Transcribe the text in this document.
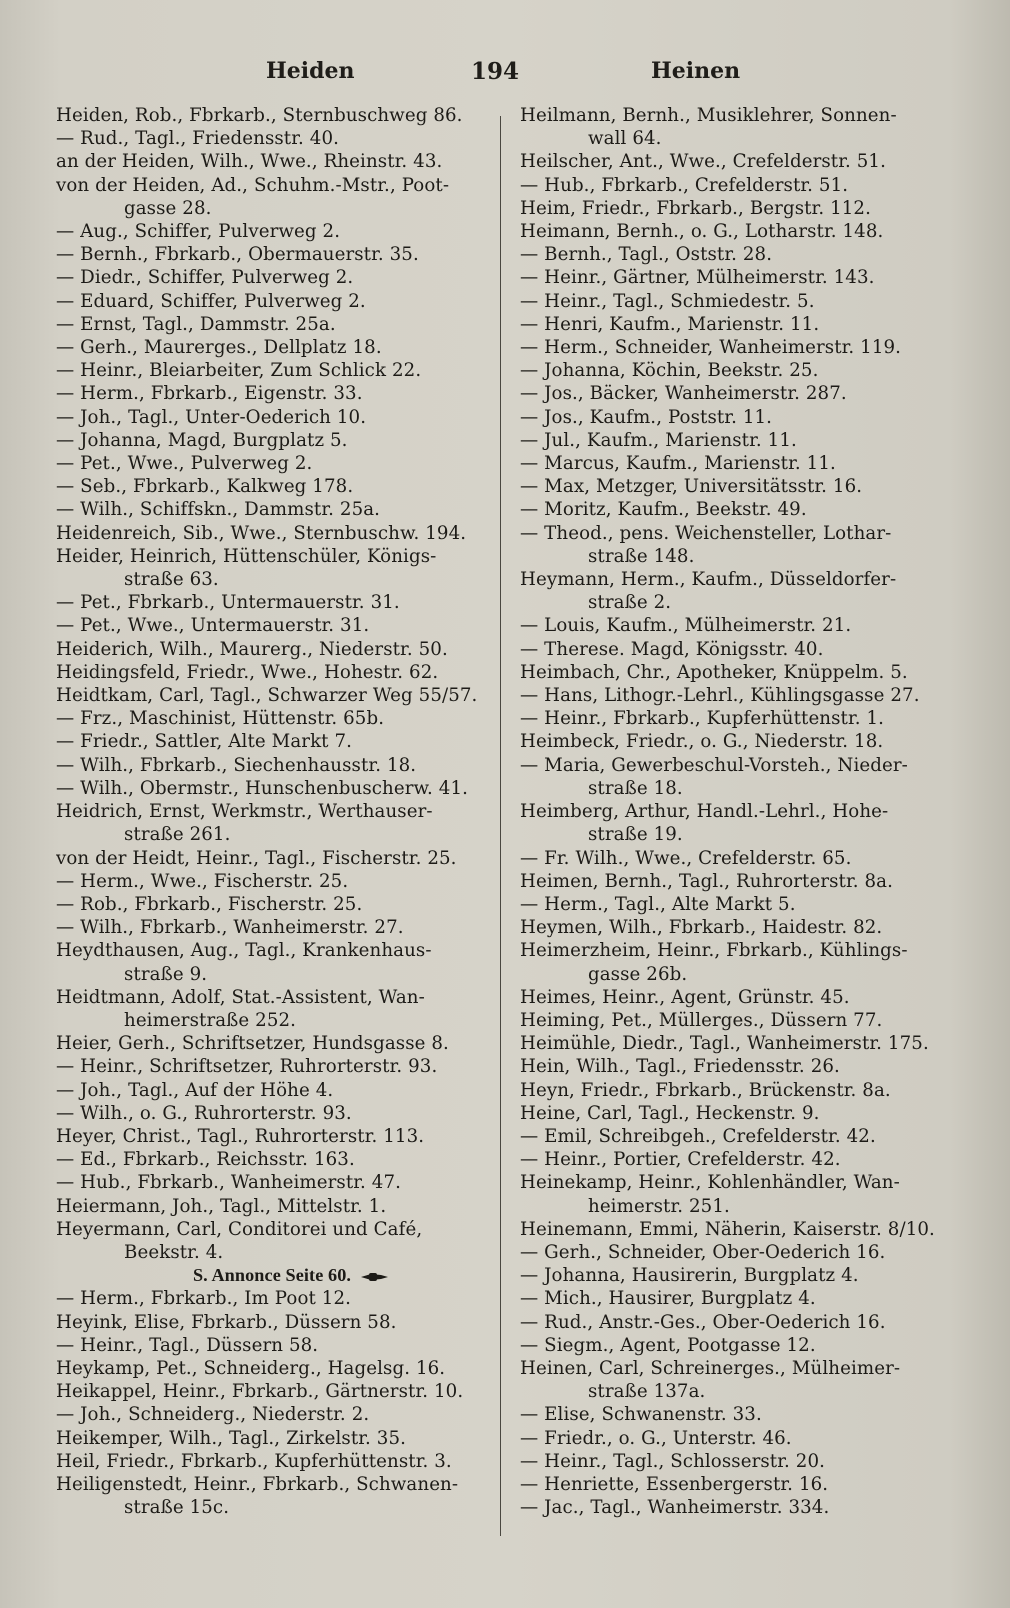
Heiden	194	Heinen

Heiden, Rob., Fbrkarb., Sternbuschweg 86.

— Rud., Tagl., Friedensstr. 40.

an der Heiden, Wilh., Wwe., Rheinstr. 43.

von der Heiden, Ad., Schuhm.-Mstr., Poot-

gasse 28.

— Aug., Schiffer, Pulverweg 2.

— Bernh., Fbrkarb., Obermauerstr. 35.

— Diedr., Schiffer, Pulverweg 2.

— Eduard, Schiffer, Pulverweg 2.

— Ernst, Tagl., Dammstr. 25a.

— Gerh., Maurerges., Dellplatz 18.

— Heinr., Bleiarbeiter, Zum Schlick 22.

— Herm., Fbrkarb., Eigenstr. 33.

— Joh., Tagl., Unter-Oederich 10.

— Johanna, Magd, Burgplatz 5.

— Pet., Wwe., Pulverweg 2.

— Seb., Fbrkarb., Kalkweg 178.

— Wilh., Schiffskn., Dammstr. 25a.

Heidenreich, Sib., Wwe., Sternbuschw. 194.

Heider, Heinrich, Hüttenschüler, Königs-

straße 63.

— Pet., Fbrkarb., Untermauerstr. 31.

— Pet., Wwe., Untermauerstr. 31.

Heiderich, Wilh., Maurerg., Niederstr. 50.

Heidingsfeld, Friedr., Wwe., Hohestr. 62.

Heidtkam, Carl, Tagl., Schwarzer Weg 55/57.

— Frz., Maschinist, Hüttenstr. 65b.

— Friedr., Sattler, Alte Markt 7.

— Wilh., Fbrkarb., Siechenhausstr. 18.

— Wilh., Obermstr., Hunschenbuscherw. 41.

Heidrich, Ernst, Werkmstr., Werthauser-

straße 261.

von der Heidt, Heinr., Tagl., Fischerstr. 25.

— Herm., Wwe., Fischerstr. 25.

— Rob., Fbrkarb., Fischerstr. 25.

— Wilh., Fbrkarb., Wanheimerstr. 27.

Heydthausen, Aug., Tagl., Krankenhaus-

straße 9.

Heidtmann, Adolf, Stat.-Assistent, Wan-

heimerstraße 252.

Heier, Gerh., Schriftsetzer, Hundsgasse 8.

— Heinr., Schriftsetzer, Ruhrorterstr. 93.

— Joh., Tagl., Auf der Höhe 4.

— Wilh., o. G., Ruhrorterstr. 93.

Heyer, Christ., Tagl., Ruhrorterstr. 113.

— Ed., Fbrkarb., Reichsstr. 163.

— Hub., Fbrkarb., Wanheimerstr. 47.

Heiermann, Joh., Tagl., Mittelstr. 1.

Heyermann, Carl, Conditorei und Café,

Beekstr. 4.

S. Annonce Seite 60.

— Herm., Fbrkarb., Im Poot 12.

Heyink, Elise, Fbrkarb., Düssern 58.

— Heinr., Tagl., Düssern 58.

Heykamp, Pet., Schneiderg., Hagelsg. 16.

Heikappel, Heinr., Fbrkarb., Gärtnerstr. 10.

— Joh., Schneiderg., Niederstr. 2.

Heikemper, Wilh., Tagl., Zirkelstr. 35.

Heil, Friedr., Fbrkarb., Kupferhüttenstr. 3.

Heiligenstedt, Heinr., Fbrkarb., Schwanen-

straße 15c.

Heilmann, Bernh., Musiklehrer, Sonnen-

wall 64.

Heilscher, Ant., Wwe., Crefelderstr. 51.

— Hub., Fbrkarb., Crefelderstr. 51.

Heim, Friedr., Fbrkarb., Bergstr. 112.

Heimann, Bernh., o. G., Lotharstr. 148.

— Bernh., Tagl., Oststr. 28.

— Heinr., Gärtner, Mülheimerstr. 143.

— Heinr., Tagl., Schmiedestr. 5.

— Henri, Kaufm., Marienstr. 11.

— Herm., Schneider, Wanheimerstr. 119.

— Johanna, Köchin, Beekstr. 25.

— Jos., Bäcker, Wanheimerstr. 287.

— Jos., Kaufm., Poststr. 11.

— Jul., Kaufm., Marienstr. 11.

— Marcus, Kaufm., Marienstr. 11.

— Max, Metzger, Universitätsstr. 16.

— Moritz, Kaufm., Beekstr. 49.

— Theod., pens. Weichensteller, Lothar-

straße 148.

Heymann, Herm., Kaufm., Düsseldorfer-

straße 2.

— Louis, Kaufm., Mülheimerstr. 21.

— Therese. Magd, Königsstr. 40.

Heimbach, Chr., Apotheker, Knüppelm. 5.

— Hans, Lithogr.-Lehrl., Kühlingsgasse 27.

— Heinr., Fbrkarb., Kupferhüttenstr. 1.

Heimbeck, Friedr., o. G., Niederstr. 18.

— Maria, Gewerbeschul-Vorsteh., Nieder-

straße 18.

Heimberg, Arthur, Handl.-Lehrl., Hohe-

straße 19.

— Fr. Wilh., Wwe., Crefelderstr. 65.

Heimen, Bernh., Tagl., Ruhrorterstr. 8a.

— Herm., Tagl., Alte Markt 5.

Heymen, Wilh., Fbrkarb., Haidestr. 82.

Heimerzheim, Heinr., Fbrkarb., Kühlings-

gasse 26b.

Heimes, Heinr., Agent, Grünstr. 45.

Heiming, Pet., Müllerges., Düssern 77.

Heimühle, Diedr., Tagl., Wanheimerstr. 175.

Hein, Wilh., Tagl., Friedensstr. 26.

Heyn, Friedr., Fbrkarb., Brückenstr. 8a.

Heine, Carl, Tagl., Heckenstr. 9.

— Emil, Schreibgeh., Crefelderstr. 42.

— Heinr., Portier, Crefelderstr. 42.

Heinekamp, Heinr., Kohlenhändler, Wan-

heimerstr. 251.

Heinemann, Emmi, Näherin, Kaiserstr. 8/10.

— Gerh., Schneider, Ober-Oederich 16.

— Johanna, Hausirerin, Burgplatz 4.

— Mich., Hausirer, Burgplatz 4.

— Rud., Anstr.-Ges., Ober-Oederich 16.

— Siegm., Agent, Pootgasse 12.

Heinen, Carl, Schreinerges., Mülheimer-

straße 137a.

— Elise, Schwanenstr. 33.

— Friedr., o. G., Unterstr. 46.

— Heinr., Tagl., Schlosserstr. 20.

— Henriette, Essenbergerstr. 16.

— Jac., Tagl., Wanheimerstr. 334.
